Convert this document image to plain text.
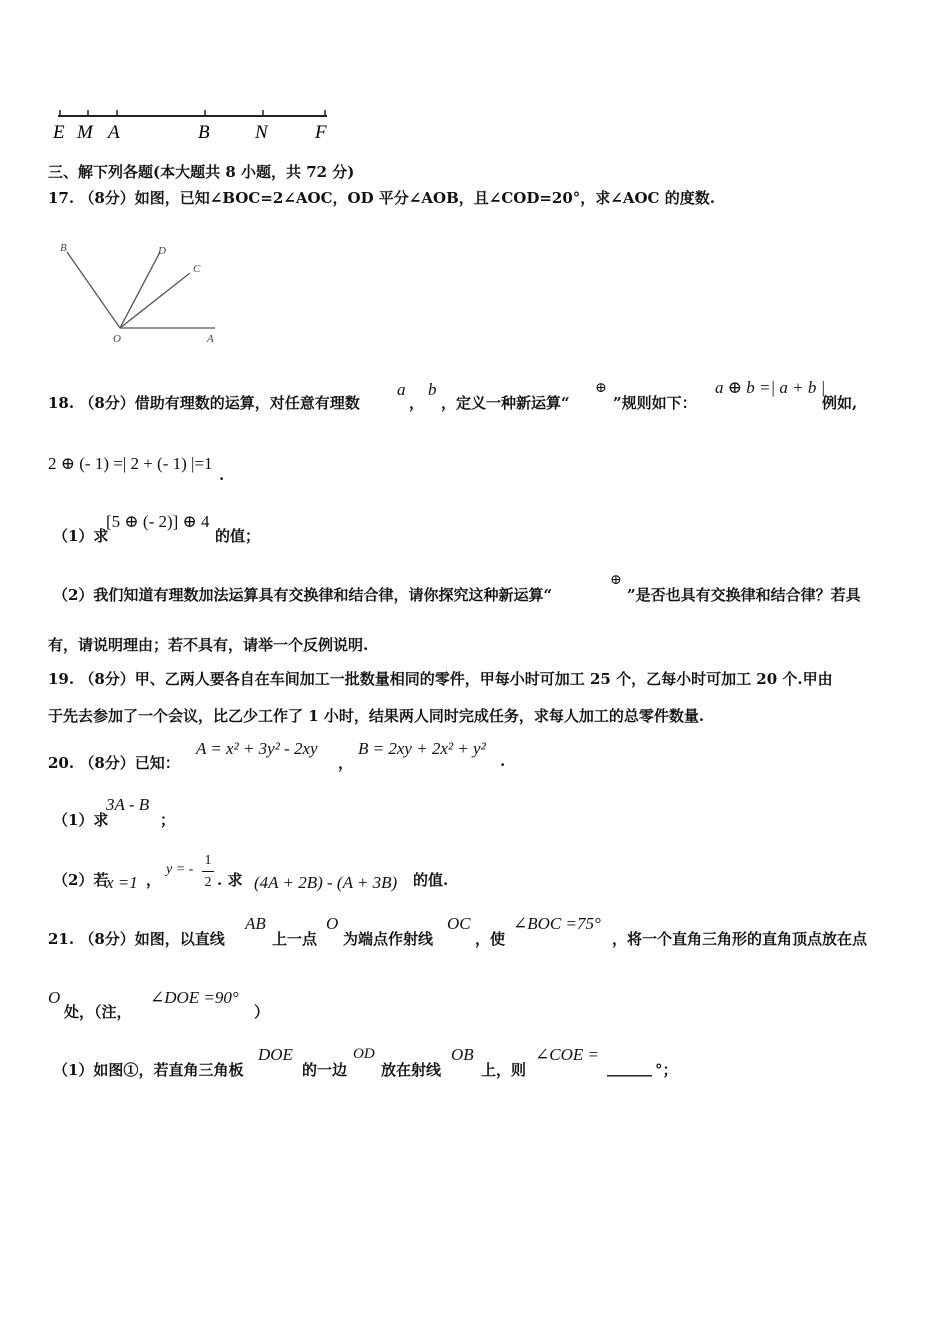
E M A	B N F
三、解下列各题(本大题共 8 小题，共 72 分)
17. （8分）如图，已知∠BOC=2∠AOC，OD 平分∠AOB，且∠COD=20°，求∠AOC 的度数.
B	D
C
O	A
18. （8分）借助有理数的运算，对任意有理数
a
，
b
，定义一种新运算“
⊕
”规则如下：
a ⊕ b =| a + b |
例如,
2 ⊕ (- 1) =| 2 + (- 1) |=1
.
（1）求
[5 ⊕ (- 2)] ⊕ 4
的值；
（2）我们知道有理数加法运算具有交换律和结合律，请你探究这种新运算“
⊕
”是否也具有交换律和结合律？若具
有，请说明理由；若不具有，请举一个反例说明.
19. （8分）甲、乙两人要各自在车间加工一批数量相同的零件，甲每小时可加工 25 个，乙每小时可加工 20 个.甲由
于先去参加了一个会议，比乙少工作了 1 小时，结果两人同时完成任务，求每人加工的总零件数量.
20. （8分）已知：
A = x² + 3y² - 2xy
，
B = 2xy + 2x² + y²
.
（1）求
3A - B
；
（2）若
x =1 ，
y = -
1
2 . 求 (4A + 2B) - (A + 3B) 的值.
21. （8分）如图，以直线
AB
上一点
O
为端点作射线
OC
，使
∠BOC =75°
，将一个直角三角形的直角顶点放在点
O
处，（注，
∠DOE =90°
）
（1）如图①，若直角三角板
DOE
的一边
OD
放在射线
OB
上，则
∠COE =
______ °；
